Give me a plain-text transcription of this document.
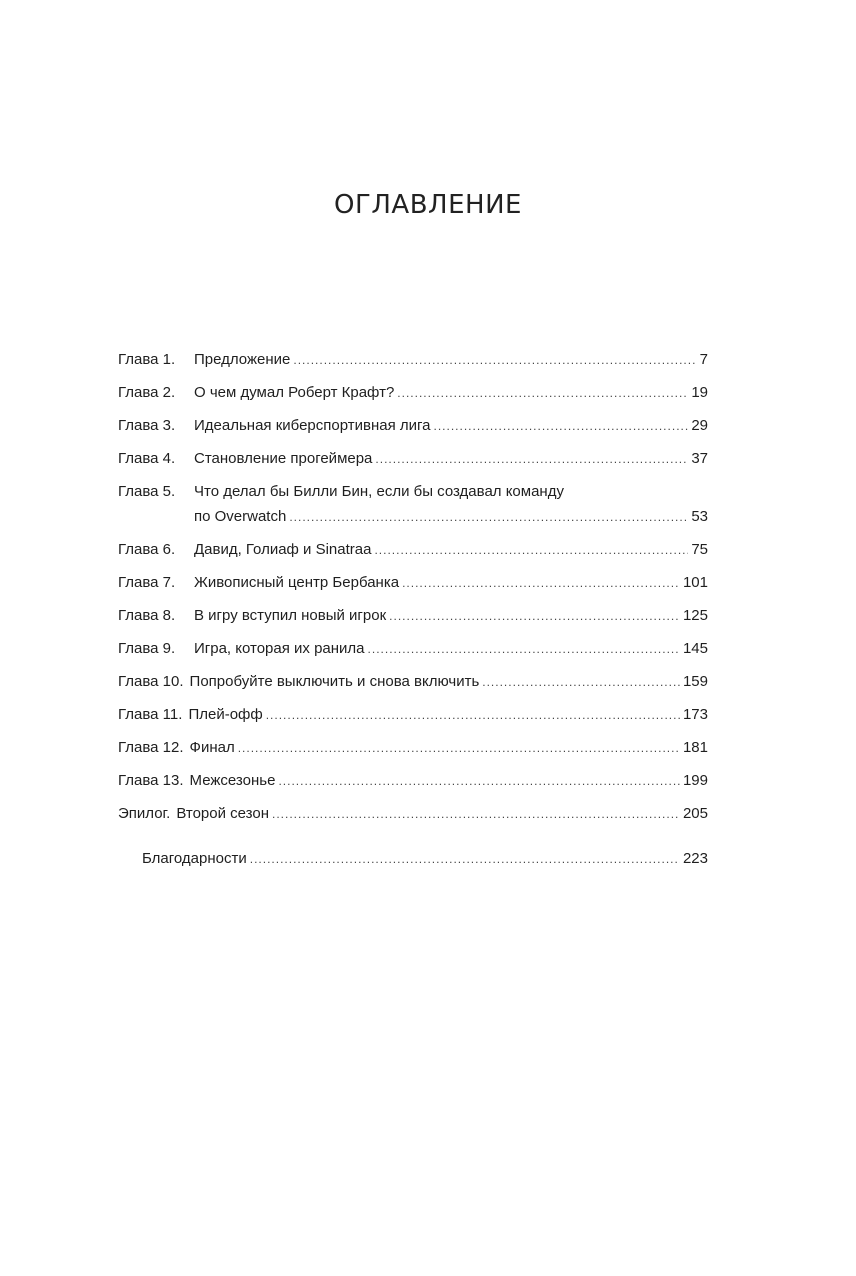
ОГЛАВЛЕНИЕ
Глава 1.	Предложение .....	7
Глава 2.	О чем думал Роберт Крафт? .....	19
Глава 3.	Идеальная киберспортивная лига .....	29
Глава 4.	Становление прогеймера .....	37
Глава 5.	Что делал бы Билли Бин, если бы создавал команду
по Overwatch .....	53
Глава 6.	Давид, Голиаф и Sinatraa .....	75
Глава 7.	Живописный центр Бербанка .....	101
Глава 8.	В игру вступил новый игрок .....	125
Глава 9.	Игра, которая их ранила .....	145
Глава 10. Попробуйте выключить и снова включить .....	159
Глава 11. Плей-офф .....	173
Глава 12. Финал .....	181
Глава 13. Межсезонье .....	199
Эпилог. Второй сезон .....	205
Благодарности .....	223
